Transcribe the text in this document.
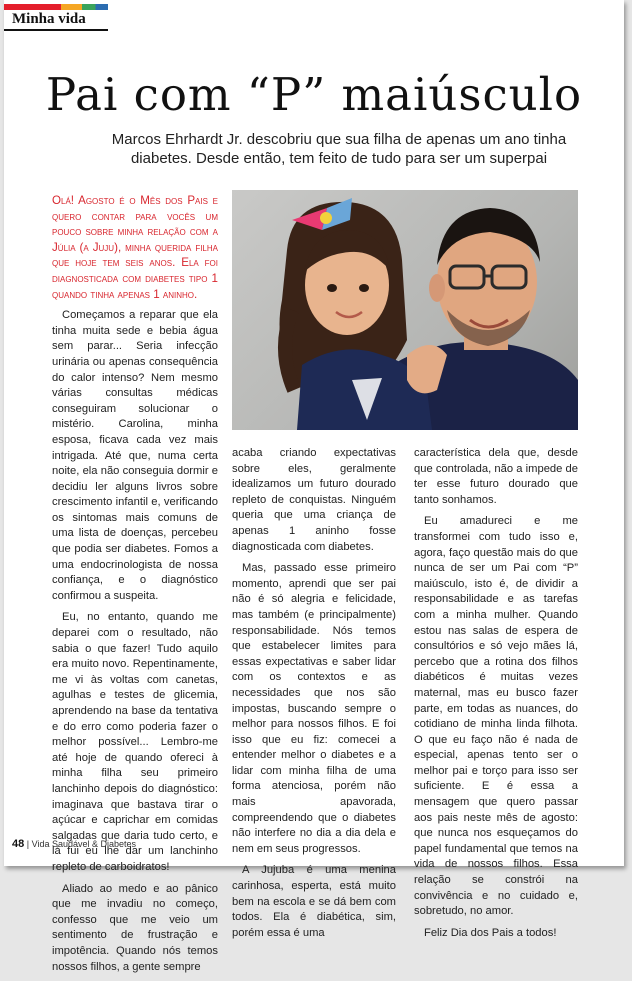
Minha vida
Pai com “P” maiúsculo
Marcos Ehrhardt Jr. descobriu que sua filha de apenas um ano tinha diabetes. Desde então, tem feito de tudo para ser um superpai

Olá! Agosto é o Mês dos Pais e quero contar para vocês um pouco sobre minha relação com a Júlia (a Juju), minha querida filha que hoje tem seis anos. Ela foi diagnosticada com diabetes tipo 1 quando tinha apenas 1 aninho.

Começamos a reparar que ela tinha muita sede e bebia água sem parar... Seria infecção urinária ou apenas consequência do calor intenso? Nem mesmo várias consultas médicas conseguiram solucionar o mistério. Carolina, minha esposa, ficava cada vez mais intrigada. Até que, numa certa noite, ela não conseguia dormir e decidiu ler alguns livros sobre crescimento infantil e, verificando os sintomas mais comuns de uma lista de doenças, percebeu que podia ser diabetes. Fomos a uma endocrinologista de nossa confiança, e o diagnóstico confirmou a suspeita.

Eu, no entanto, quando me deparei com o resultado, não sabia o que fazer! Tudo aquilo era muito novo. Repentinamente, me vi às voltas com canetas, agulhas e testes de glicemia, aprendendo na base da tentativa e do erro como poderia fazer o melhor possível... Lembro-me até hoje de quando ofereci à minha filha seu primeiro lanchinho depois do diagnóstico: imaginava que bastava tirar o açúcar e caprichar em comidas salgadas que daria tudo certo, e lá fui eu lhe dar um lanchinho repleto de carboidratos!

Aliado ao medo e ao pânico que me invadiu no começo, confesso que me veio um sentimento de frustração e impotência. Quando nós temos nossos filhos, a gente sempre

acaba criando expectativas sobre eles, geralmente idealizamos um futuro dourado repleto de conquistas. Ninguém queria que uma criança de apenas 1 aninho fosse diagnosticada com diabetes.

Mas, passado esse primeiro momento, aprendi que ser pai não é só alegria e felicidade, mas também (e principalmente) responsabilidade. Nós temos que estabelecer limites para essas expectativas e saber lidar com os contextos e as necessidades que nos são impostas, buscando sempre o melhor para nossos filhos. E foi isso que eu fiz: comecei a entender melhor o diabetes e a lidar com minha filha de uma forma atenciosa, porém não mais apavorada, compreendendo que o diabetes não interfere no dia a dia dela e nem em seus progressos.

A Jujuba é uma menina carinhosa, esperta, está muito bem na escola e se dá bem com todos. Ela é diabética, sim, porém essa é uma

característica dela que, desde que controlada, não a impede de ter esse futuro dourado que tanto sonhamos.

Eu amadureci e me transformei com tudo isso e, agora, faço questão mais do que nunca de ser um Pai com “P” maiúsculo, isto é, de dividir a responsabilidade e as tarefas com a minha mulher. Quando estou nas salas de espera de consultórios e só vejo mães lá, percebo que a rotina dos filhos diabéticos é muitas vezes maternal, mas eu busco fazer parte, em todas as nuances, do cotidiano de minha linda filhota. O que eu faço não é nada de especial, apenas tento ser o melhor pai e torço para isso ser suficiente. E é essa a mensagem que quero passar aos pais neste mês de agosto: que nunca nos esqueçamos do papel fundamental que temos na vida de nossos filhos. Essa relação se constrói na convivência e no cuidado e, sobretudo, no amor.

Feliz Dia dos Pais a todos!

48 | Vida Saudável & Diabetes
